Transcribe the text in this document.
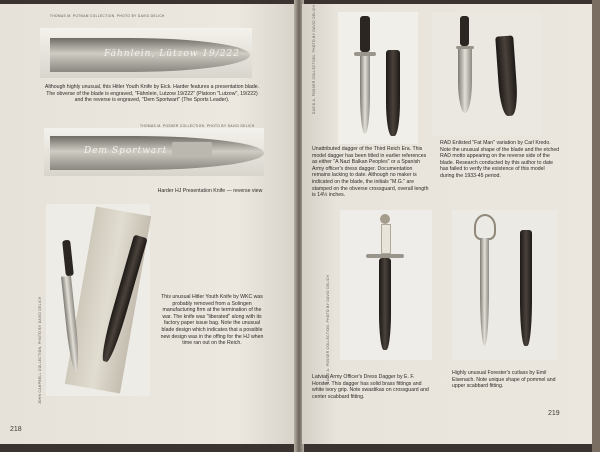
THOMAS M. PUTNAM COLLECTION. PHOTO BY DAVID DELICH
Fähnlein, Lützow 19/222
Although highly unusual, this Hitler Youth Knife by Eick. Harder features a presentation blade. The obverse of the blade is engraved, "Fähnlein, Lutzow 19/222" (Platoon "Lutzow", 19/222) and the reverse is engraved, "Dem Sportwart" (The Sports Leader).
THOMAS M. POSSER COLLECTION. PHOTO BY DAVID DELICH
Dem Sportwart
Harder HJ Presentation Knife — reverse view
JOHN CAMPBELL COLLECTION. PHOTO BY DAVID DELICH	This unusual Hitler Youth Knife by WKC was probably removed from a Solingen manufacturing firm at the termination of the war. The knife was "liberated" along with its factory paper issue bag. Note the unusual blade design which indicates that a possible new design was in the offing for the HJ when time ran out on the Reich.
218
DAVID A. POSSER COLLECTION. PHOTO BY DAVID DELICH
Unattributed dagger of the Third Reich Era. This model dagger has been titled in earlier references as either "A Nazi Balkan Peoples" or a Spanish Army officer's dress dagger. Documentation remains lacking to date. Although no maker is indicated on the blade, the initials "M.G." are stamped on the obverse crossguard, overall length is 14½ inches.
RAD Enlisted "Fat Man" variation by Carl Kredo. Note the unusual shape of the blade and the etched RAD motto appearing on the reverse side of the blade. Research conducted by this author to date has failed to verify the existence of this model during the 1933-45 period.
DAVID A. POSSER COLLECTION. PHOTO BY DAVID DELICH
Latvian Army Officer's Dress Dagger by E. F. Horster. This dagger has solid brass fittings and white ivory grip. Note swastikas on crossguard and center scabbard fitting.
Highly unusual Forester's cutlass by Emil Eisenach. Note unique shape of pommel and upper scabbard fitting.
219
